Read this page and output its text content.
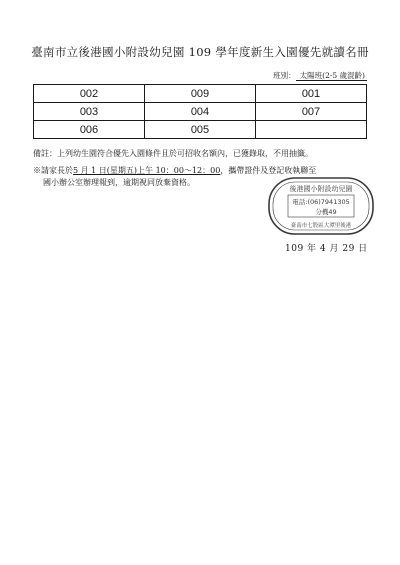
臺南市立後港國小附設幼兒園 109 學年度新生入園優先就讀名冊
班別： 太陽班(2-5 歲混齡)
002	009	001
003	004	007
006	005	
備註：上列幼生園符合優先入園條件且於可招收名額內，已獲錄取，不用抽籤。
※請家長於5 月 1 日(星期五)上午 10：00～12：00，攜帶證件及登記收執聯至
國小辦公室辦理報到，逾期視同放棄資格。
後港國小附設幼兒園
電話:(06)7941305
分機49
臺南市七股區大潭里後港
109 年 4 月 29 日
